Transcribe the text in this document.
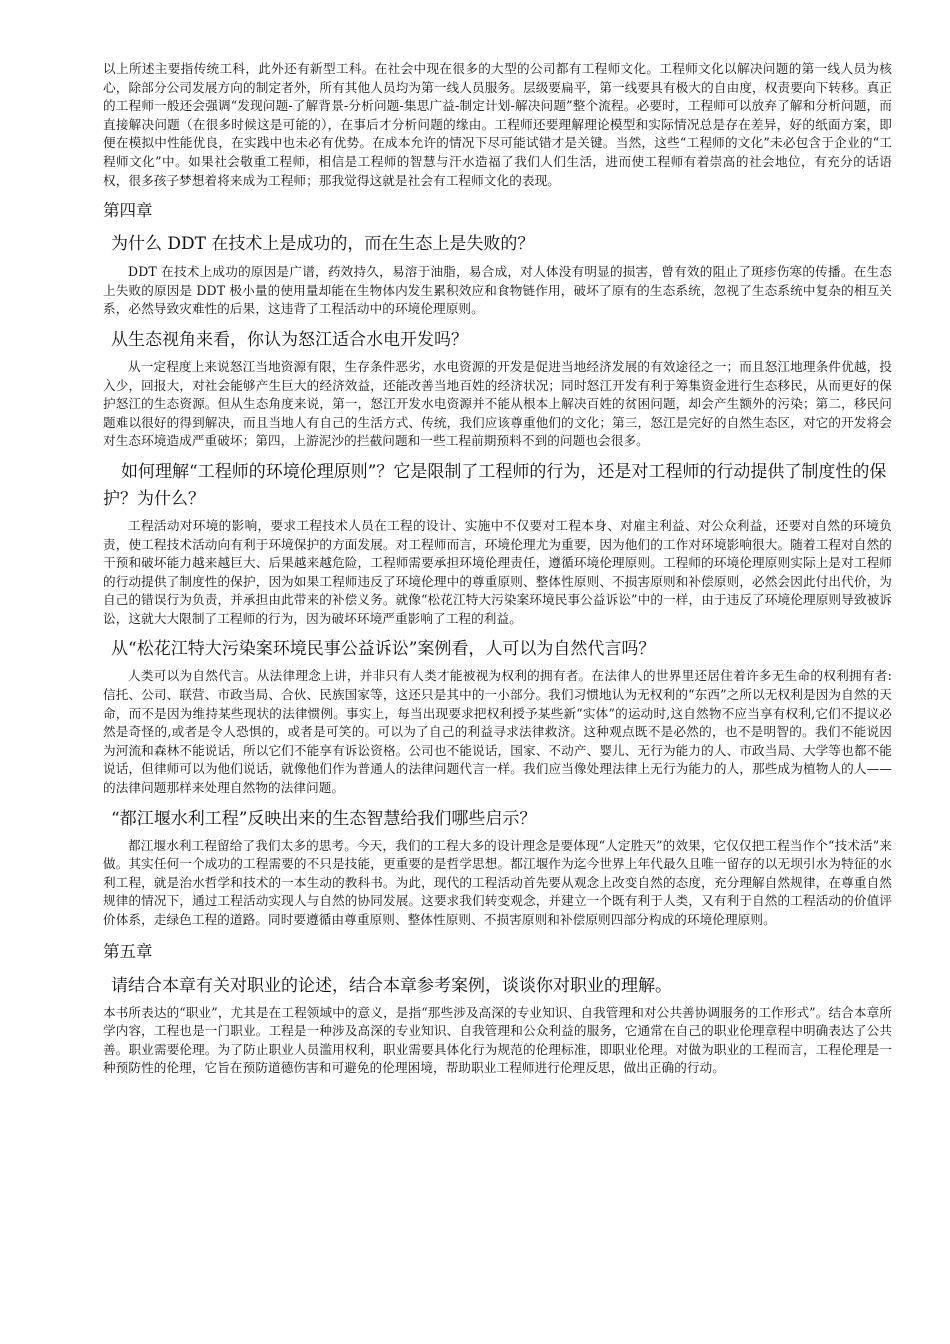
以上所述主要指传统工科，此外还有新型工科。在社会中现在很多的大型的公司都有工程师文化。工程师文化以解决问题的第一线人员为核心，除部分公司发展方向的制定者外，所有其他人员均为第一线人员服务。层级要扁平，第一线要具有极大的自由度，权责要向下转移。真正的工程师一般还会强调“发现问题-了解背景-分析问题-集思广益-制定计划-解决问题”整个流程。必要时，工程师可以放弃了解和分析问题，而直接解决问题（在很多时候这是可能的），在事后才分析问题的缘由。工程师还要理解理论模型和实际情况总是存在差异，好的纸面方案，即便在模拟中性能优良，在实践中也未必有优势。在成本允许的情况下尽可能试错才是关键。当然，这些“工程师的文化”未必包含于企业的“工程师文化”中。如果社会敬重工程师，相信是工程师的智慧与汗水造福了我们人们生活，进而使工程师有着崇高的社会地位，有充分的话语权，很多孩子梦想着将来成为工程师；那我觉得这就是社会有工程师文化的表现。

第四章
为什么 DDT 在技术上是成功的，而在生态上是失败的？

DDT 在技术上成功的原因是广谱，药效持久，易溶于油脂，易合成，对人体没有明显的损害，曾有效的阻止了斑疹伤寒的传播。在生态上失败的原因是 DDT 极小量的使用量却能在生物体内发生累积效应和食物链作用，破坏了原有的生态系统，忽视了生态系统中复杂的相互关系，必然导致灾难性的后果，这违背了工程活动中的环境伦理原则。

从生态视角来看，你认为怒江适合水电开发吗？

从一定程度上来说怒江当地资源有限，生存条件恶劣，水电资源的开发是促进当地经济发展的有效途径之一；而且怒江地理条件优越，投入少，回报大，对社会能够产生巨大的经济效益，还能改善当地百姓的经济状况；同时怒江开发有利于筹集资金进行生态移民，从而更好的保护怒江的生态资源。但从生态角度来说，第一，怒江开发水电资源并不能从根本上解决百姓的贫困问题，却会产生额外的污染；第二，移民问题难以很好的得到解决，而且当地人有自己的生活方式、传统，我们应该尊重他们的文化；第三，怒江是完好的自然生态区，对它的开发将会对生态环境造成严重破坏；第四，上游泥沙的拦截问题和一些工程前期预料不到的问题也会很多。

如何理解“工程师的环境伦理原则”？它是限制了工程师的行为，还是对工程师的行动提供了制度性的保护？为什么？

工程活动对环境的影响，要求工程技术人员在工程的设计、实施中不仅要对工程本身、对雇主利益、对公众利益，还要对自然的环境负责，使工程技术活动向有利于环境保护的方面发展。对工程师而言，环境伦理尤为重要，因为他们的工作对环境影响很大。随着工程对自然的干预和破坏能力越来越巨大、后果越来越危险，工程师需要承担环境伦理责任，遵循环境伦理原则。工程师的环境伦理原则实际上是对工程师的行动提供了制度性的保护，因为如果工程师违反了环境伦理中的尊重原则、整体性原则、不损害原则和补偿原则，必然会因此付出代价，为自己的错误行为负责，并承担由此带来的补偿义务。就像“松花江特大污染案环境民事公益诉讼”中的一样，由于违反了环境伦理原则导致被诉讼，这就大大限制了工程师的行为，因为破坏环境严重影响了工程的利益。

从“松花江特大污染案环境民事公益诉讼”案例看，人可以为自然代言吗？

人类可以为自然代言。从法律理念上讲，并非只有人类才能被视为权利的拥有者。在法律人的世界里还居住着许多无生命的权利拥有者: 信托、公司、联营、市政当局、合伙、民族国家等，这还只是其中的一小部分。我们习惯地认为无权利的“东西”之所以无权利是因为自然的天命，而不是因为维持某些现状的法律惯例。事实上，每当出现要求把权利授予某些新“实体”的运动时,这自然物不应当享有权利,它们不提议必然是奇怪的,或者是令人恐惧的，或者是可笑的。可以为了自己的利益寻求法律救济。这种观点既不是必然的，也不是明智的。我们不能说因为河流和森林不能说话，所以它们不能享有诉讼资格。公司也不能说话，国家、不动产、婴儿、无行为能力的人、市政当局、大学等也都不能说话，但律师可以为他们说话，就像他们作为普通人的法律问题代言一样。我们应当像处理法律上无行为能力的人，那些成为植物人的人——的法律问题那样来处理自然物的法律问题。

“都江堰水利工程”反映出来的生态智慧给我们哪些启示？

都江堰水利工程留给了我们太多的思考。今天，我们的工程大多的设计理念是要体现“人定胜天”的效果，它仅仅把工程当作个“技术活”来做。其实任何一个成功的工程需要的不只是技能，更重要的是哲学思想。都江堰作为迄今世界上年代最久且唯一留存的以无坝引水为特征的水利工程，就是治水哲学和技术的一本生动的教科书。为此，现代的工程活动首先要从观念上改变自然的态度，充分理解自然规律，在尊重自然规律的情况下，通过工程活动实现人与自然的协同发展。这要求我们转变观念，并建立一个既有利于人类，又有利于自然的工程活动的价值评价体系，走绿色工程的道路。同时要遵循由尊重原则、整体性原则、不损害原则和补偿原则四部分构成的环境伦理原则。

第五章
请结合本章有关对职业的论述，结合本章参考案例，谈谈你对职业的理解。

本书所表达的“职业”，尤其是在工程领域中的意义，是指“那些涉及高深的专业知识、自我管理和对公共善协调服务的工作形式”。结合本章所学内容，工程也是一门职业。工程是一种涉及高深的专业知识、自我管理和公众利益的服务，它通常在自己的职业伦理章程中明确表达了公共善。职业需要伦理。为了防止职业人员滥用权利，职业需要具体化行为规范的伦理标准，即职业伦理。对做为职业的工程而言，工程伦理是一种预防性的伦理，它旨在预防道德伤害和可避免的伦理困境，帮助职业工程师进行伦理反思，做出正确的行动。
